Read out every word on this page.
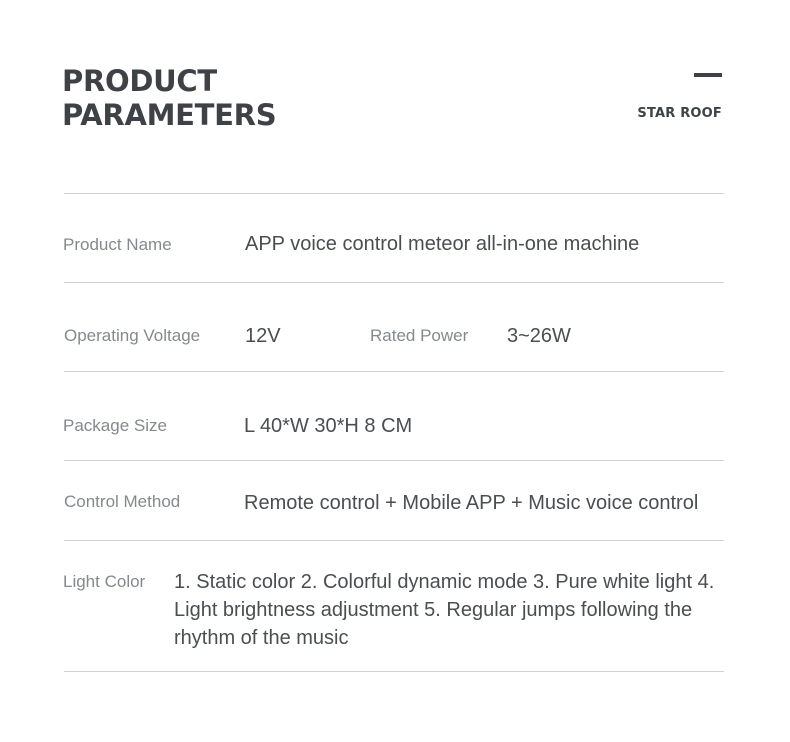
PRODUCT
PARAMETERS	STAR ROOF
Product Name	APP voice control meteor all-in-one machine
Operating Voltage 12V	Rated Power 3~26W
Package Size	L 40*W 30*H 8 CM
Control Method	Remote control + Mobile APP + Music voice control
Light Color 1. Static color 2. Colorful dynamic mode 3. Pure white light 4. Light brightness adjustment 5. Regular jumps following the rhythm of the music
